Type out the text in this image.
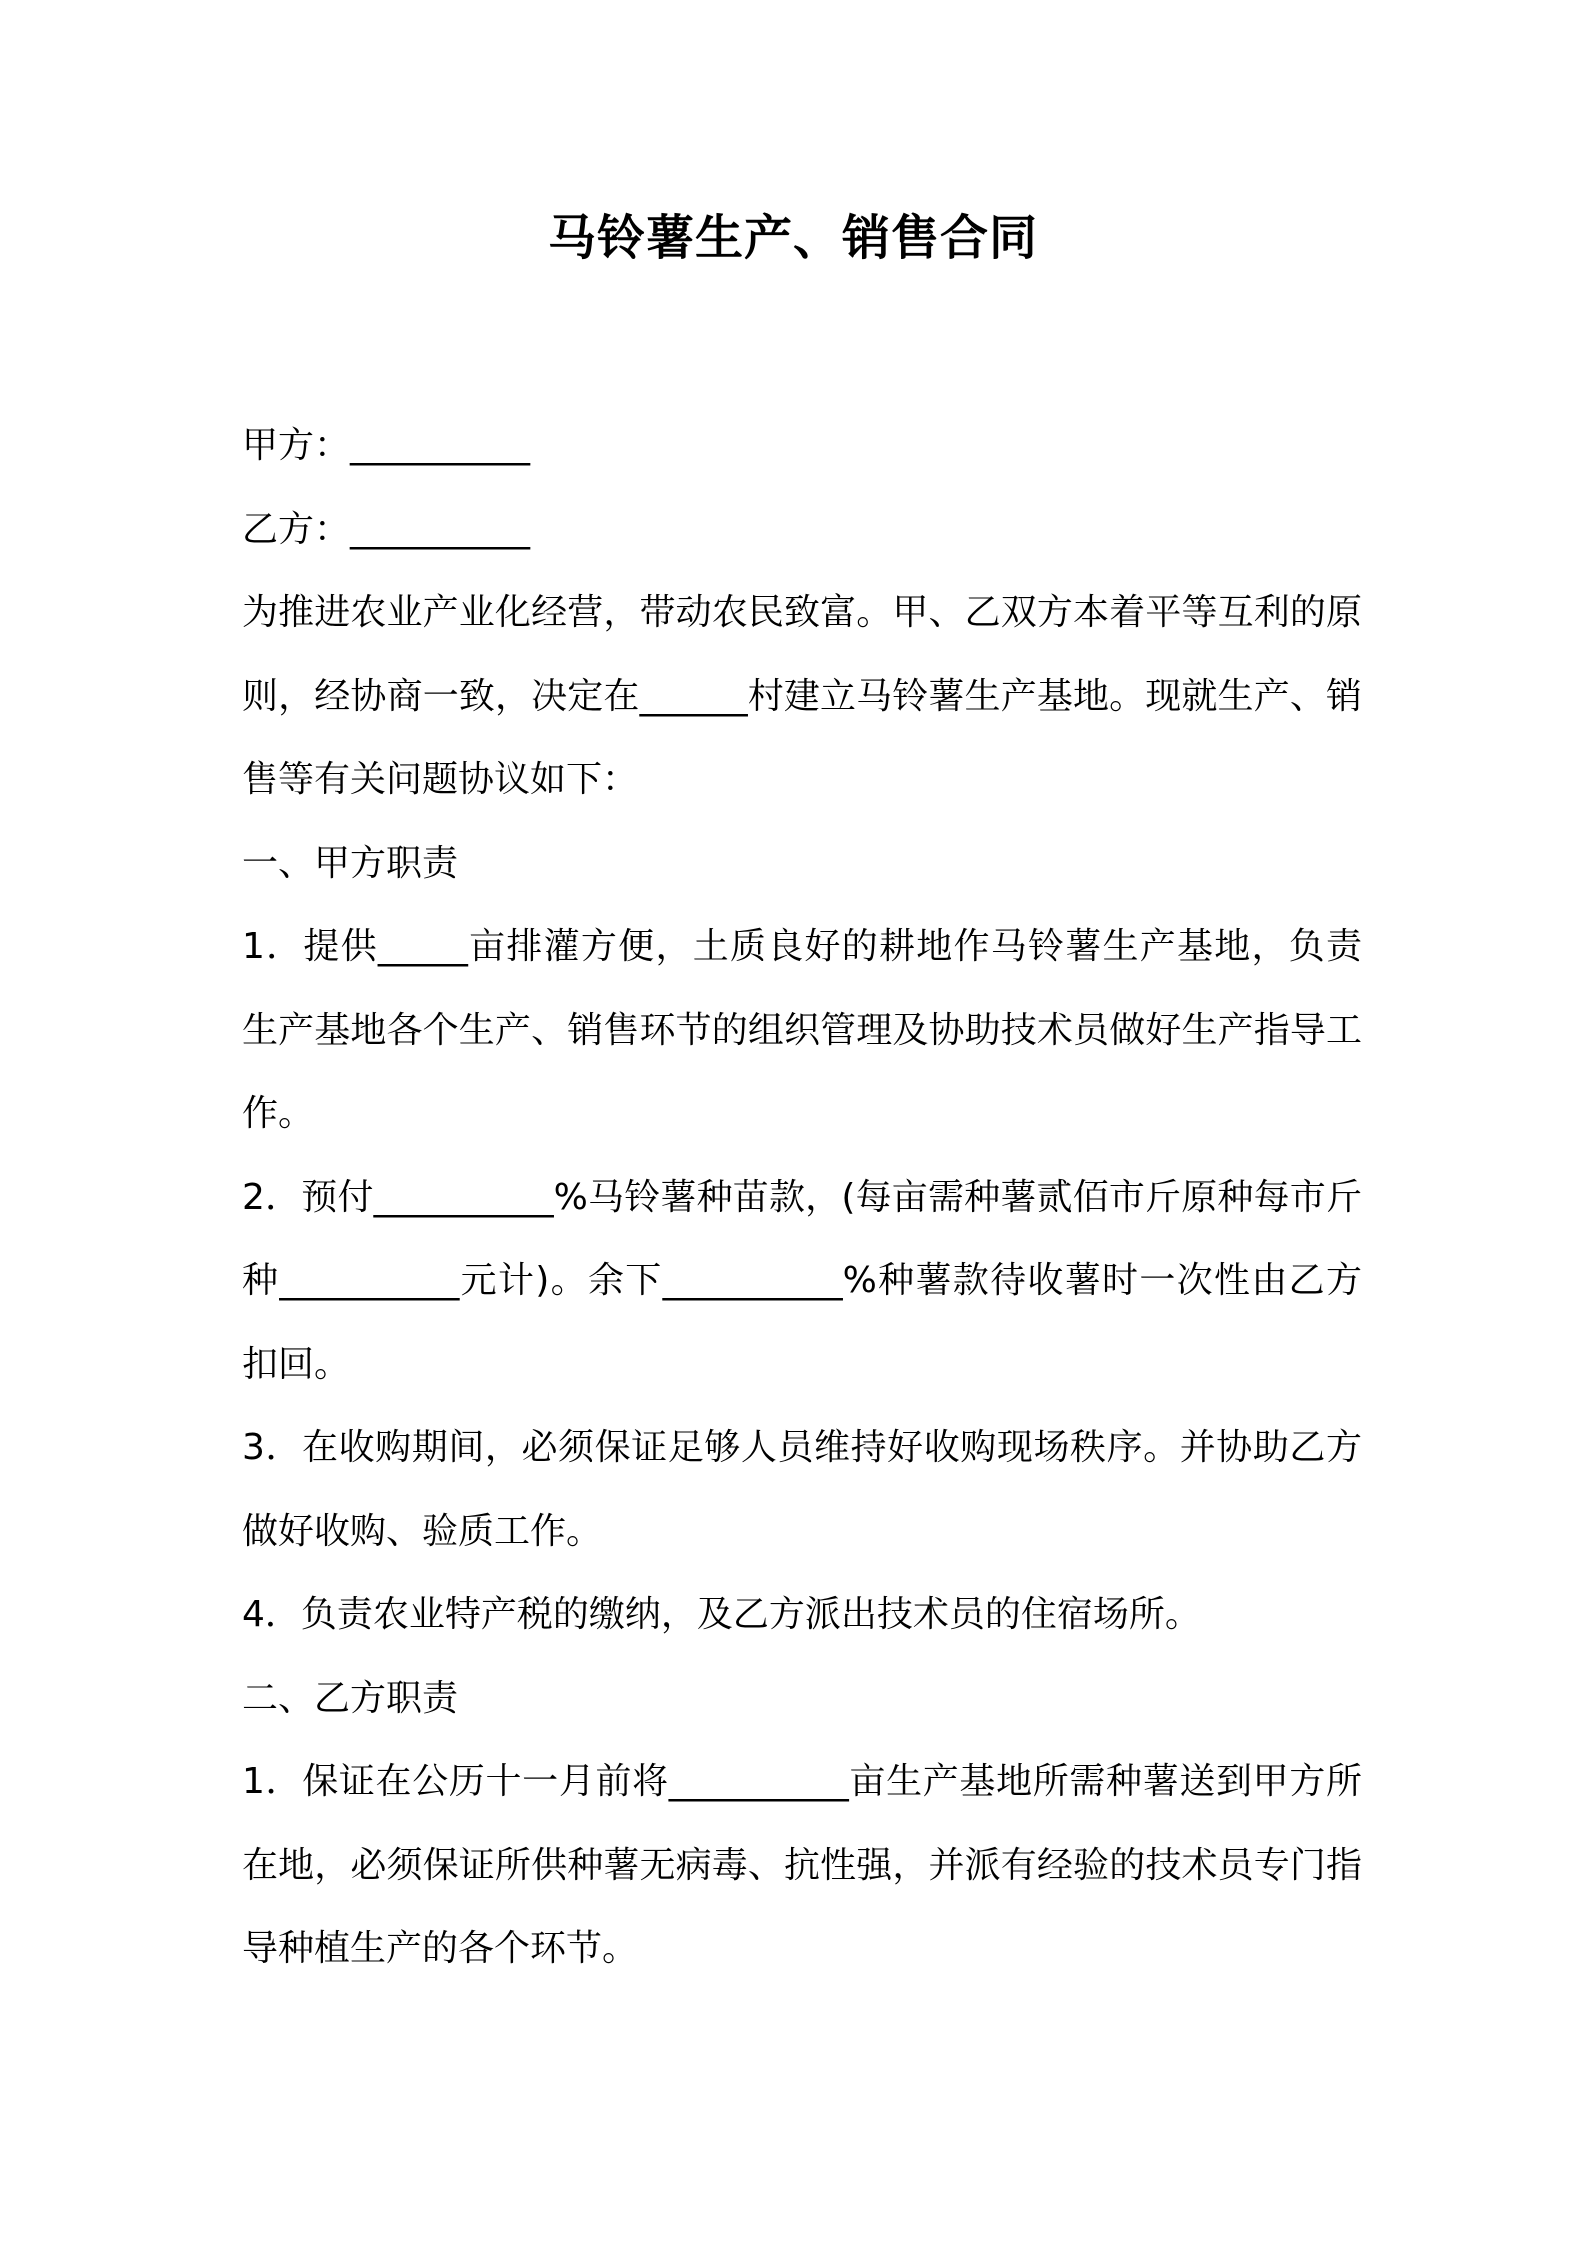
马铃薯生产、销售合同

甲方：__________

乙方：__________

为推进农业产业化经营，带动农民致富。甲、乙双方本着平等互利的原则，经协商一致，决定在______村建立马铃薯生产基地。现就生产、销售等有关问题协议如下：

一、甲方职责

1．提供_____亩排灌方便，土质良好的耕地作马铃薯生产基地，负责生产基地各个生产、销售环节的组织管理及协助技术员做好生产指导工作。

2．预付__________%马铃薯种苗款，(每亩需种薯贰佰市斤原种每市斤种__________元计)。余下__________%种薯款待收薯时一次性由乙方扣回。

3．在收购期间，必须保证足够人员维持好收购现场秩序。并协助乙方做好收购、验质工作。

4．负责农业特产税的缴纳，及乙方派出技术员的住宿场所。

二、乙方职责

1．保证在公历十一月前将__________亩生产基地所需种薯送到甲方所在地，必须保证所供种薯无病毒、抗性强，并派有经验的技术员专门指导种植生产的各个环节。
